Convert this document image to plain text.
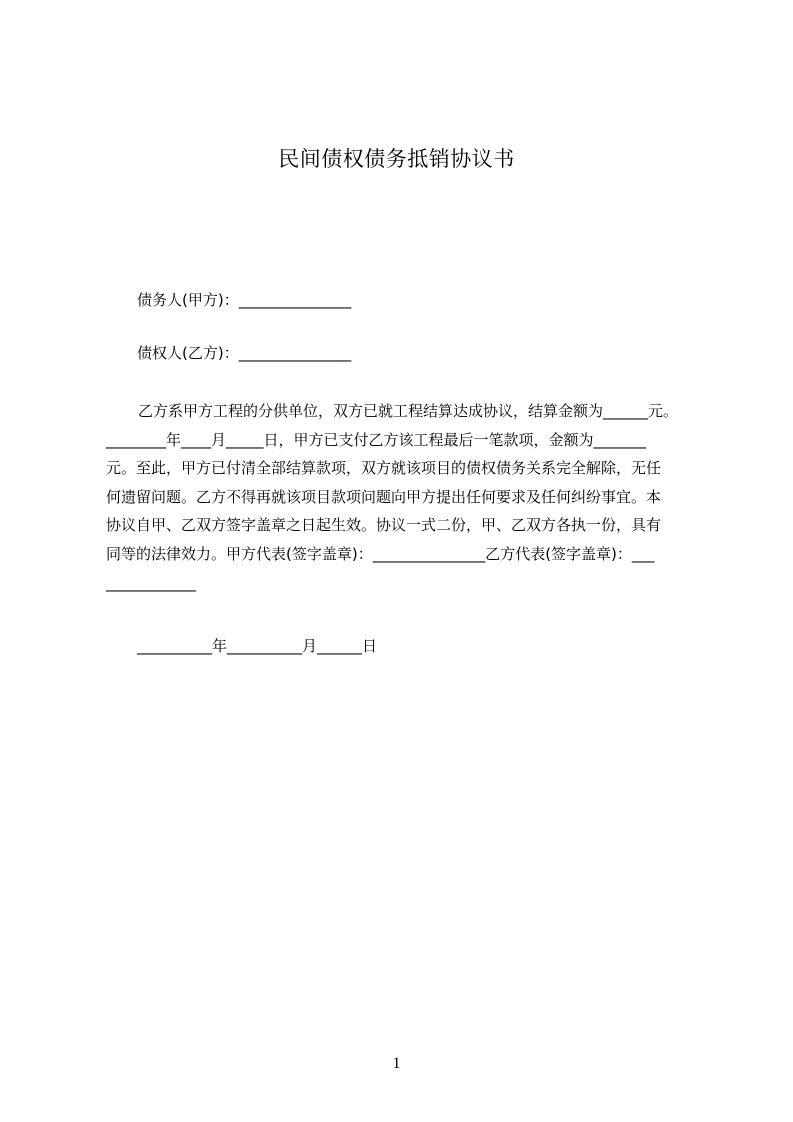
民间债权债务抵销协议书
债务人(甲方)：_______________
债权人(乙方)：_______________
乙方系甲方工程的分供单位，双方已就工程结算达成协议，结算金额为______元。
________年____月_____日，甲方已支付乙方该工程最后一笔款项，金额为_______
元。至此，甲方已付清全部结算款项，双方就该项目的债权债务关系完全解除，无任
何遗留问题。乙方不得再就该项目款项问题向甲方提出任何要求及任何纠纷事宜。本
协议自甲、乙双方签字盖章之日起生效。协议一式二份，甲、乙双方各执一份，具有
同等的法律效力。甲方代表(签字盖章)：_______________乙方代表(签字盖章)：___
____________
__________年__________月______日
1
